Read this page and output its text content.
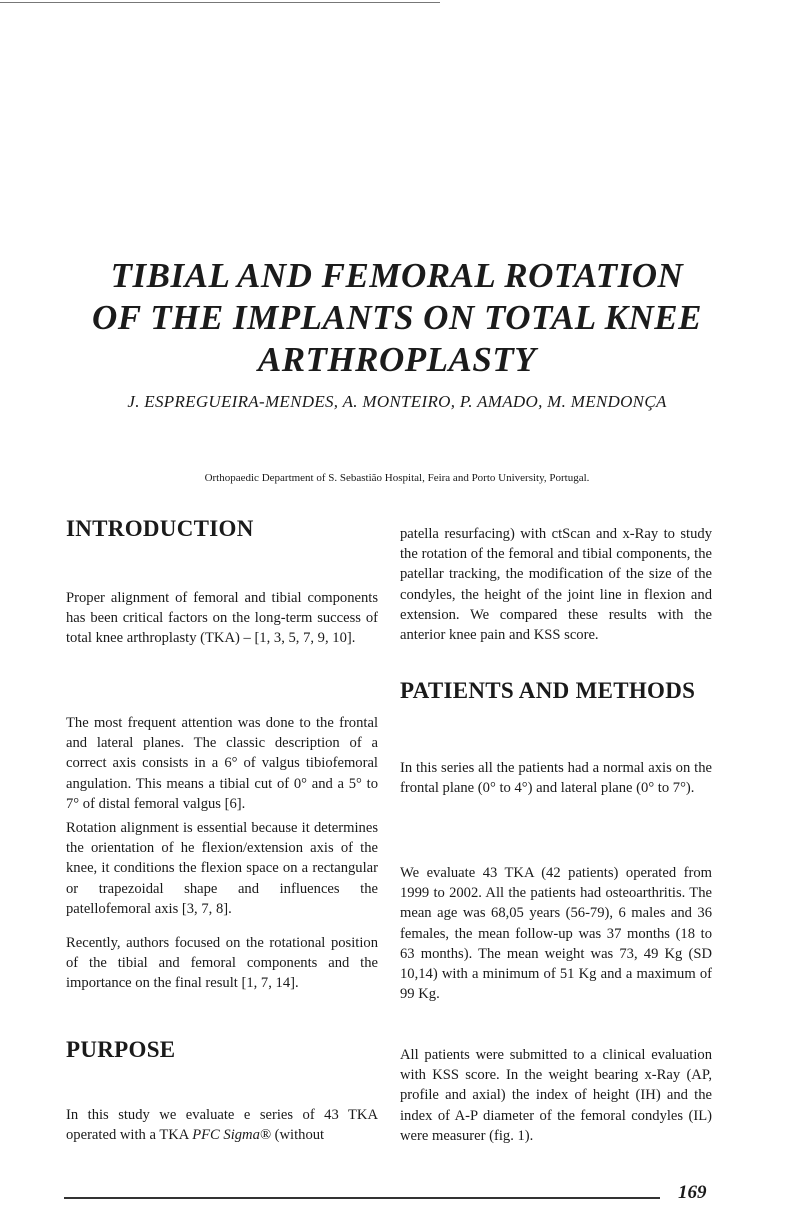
TIBIAL AND FEMORAL ROTATION
OF THE IMPLANTS ON TOTAL KNEE
ARTHROPLASTY
J. ESPREGUEIRA-MENDES, A. MONTEIRO, P. AMADO, M. MENDONÇA
Orthopaedic Department of S. Sebastião Hospital, Feira and Porto University, Portugal.
INTRODUCTION

Proper alignment of femoral and tibial components has been critical factors on the long-term success of total knee arthroplasty (TKA) – [1, 3, 5, 7, 9, 10].

The most frequent attention was done to the frontal and lateral planes. The classic description of a correct axis consists in a 6° of valgus tibiofemoral angulation. This means a tibial cut of 0° and a 5° to 7° of distal femoral valgus [6].

Rotation alignment is essential because it determines the orientation of he flexion/extension axis of the knee, it conditions the flexion space on a rectangular or trapezoidal shape and influences the patellofemoral axis [3, 7, 8].

Recently, authors focused on the rotational position of the tibial and femoral components and the importance on the final result [1, 7, 14].

PURPOSE

In this study we evaluate e series of 43 TKA operated with a TKA PFC Sigma® (without

patella resurfacing) with ctScan and x-Ray to study the rotation of the femoral and tibial components, the patellar tracking, the modification of the size of the condyles, the height of the joint line in flexion and extension. We compared these results with the anterior knee pain and KSS score.

PATIENTS AND METHODS

In this series all the patients had a normal axis on the frontal plane (0° to 4°) and lateral plane (0° to 7°).

We evaluate 43 TKA (42 patients) operated from 1999 to 2002. All the patients had osteoarthritis. The mean age was 68,05 years (56-79), 6 males and 36 females, the mean follow-up was 37 months (18 to 63 months). The mean weight was 73, 49 Kg (SD 10,14) with a minimum of 51 Kg and a maximum of 99 Kg.

All patients were submitted to a clinical evaluation with KSS score. In the weight bearing x-Ray (AP, profile and axial) the index of height (IH) and the index of A-P diameter of the femoral condyles (IL) were measurer (fig. 1).

169
